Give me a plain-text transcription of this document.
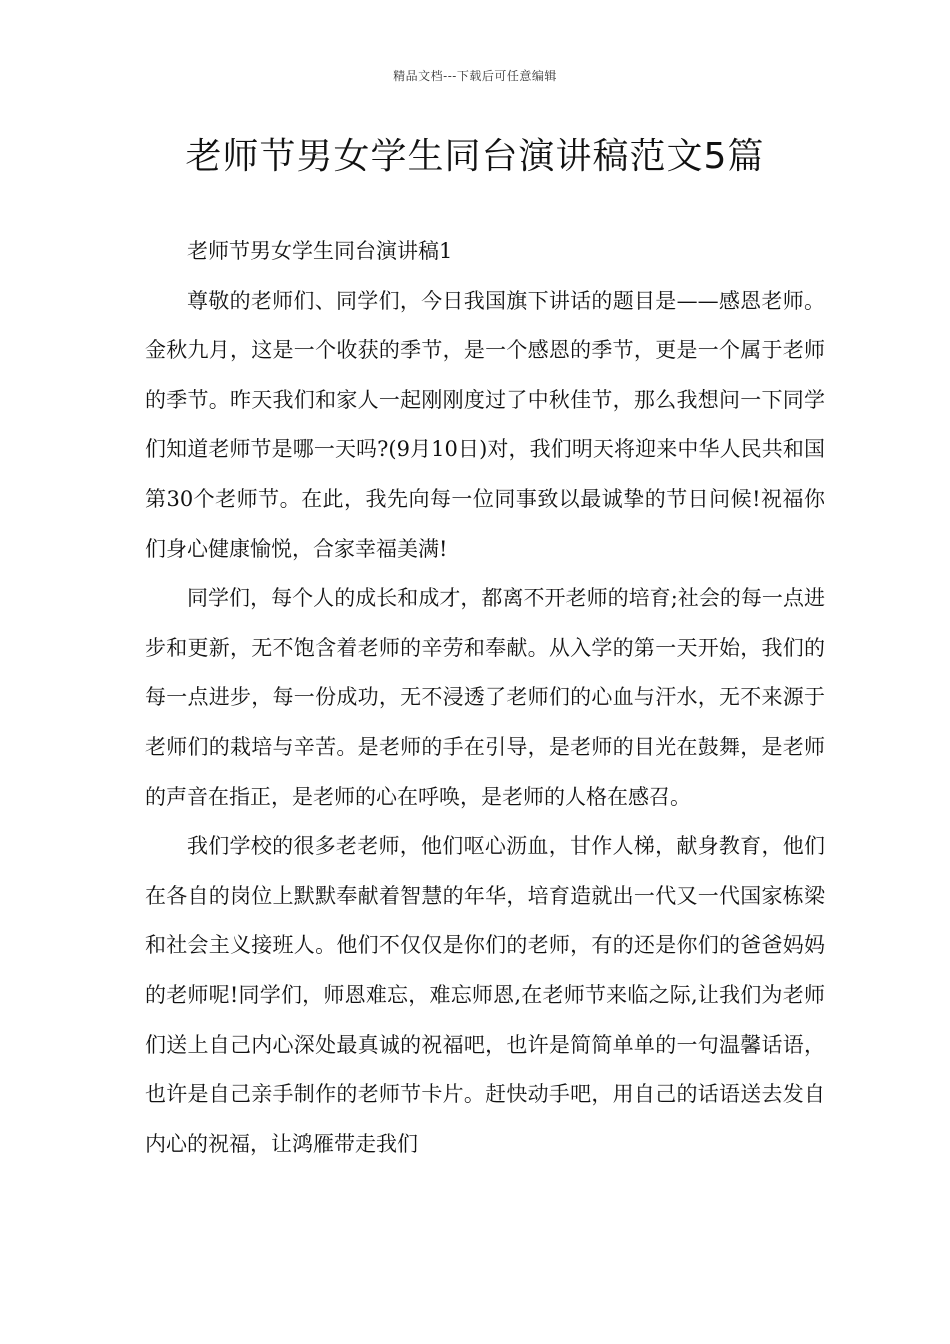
精品文档---下载后可任意编辑
老师节男女学生同台演讲稿范文5篇

老师节男女学生同台演讲稿1

尊敬的老师们、同学们，今日我国旗下讲话的题目是——感恩老师。 金秋九月，这是一个收获的季节，是一个感恩的季节，更是一个属于老师的季节。昨天我们和家人一起刚刚度过了中秋佳节，那么我想问一下同学们知道老师节是哪一天吗?(9月10日)对，我们明天将迎来中华人民共和国第30个老师节。在此，我先向每一位同事致以最诚挚的节日问候!祝福你们身心健康愉悦，合家幸福美满!

同学们，每个人的成长和成才，都离不开老师的培育;社会的每一点进步和更新，无不饱含着老师的辛劳和奉献。从入学的第一天开始，我们的每一点进步，每一份成功，无不浸透了老师们的心血与汗水，无不来源于老师们的栽培与辛苦。是老师的手在引导，是老师的目光在鼓舞，是老师的声音在指正，是老师的心在呼唤，是老师的人格在感召。

我们学校的很多老老师，他们呕心沥血，甘作人梯，献身教育，他们在各自的岗位上默默奉献着智慧的年华，培育造就出一代又一代国家栋梁和社会主义接班人。他们不仅仅是你们的老师，有的还是你们的爸爸妈妈的老师呢!同学们，师恩难忘，难忘师恩,在老师节来临之际,让我们为老师们送上自己内心深处最真诚的祝福吧，也许是简简单单的一句温馨话语，也许是自己亲手制作的老师节卡片。赶快动手吧，用自己的话语送去发自内心的祝福，让鸿雁带走我们
